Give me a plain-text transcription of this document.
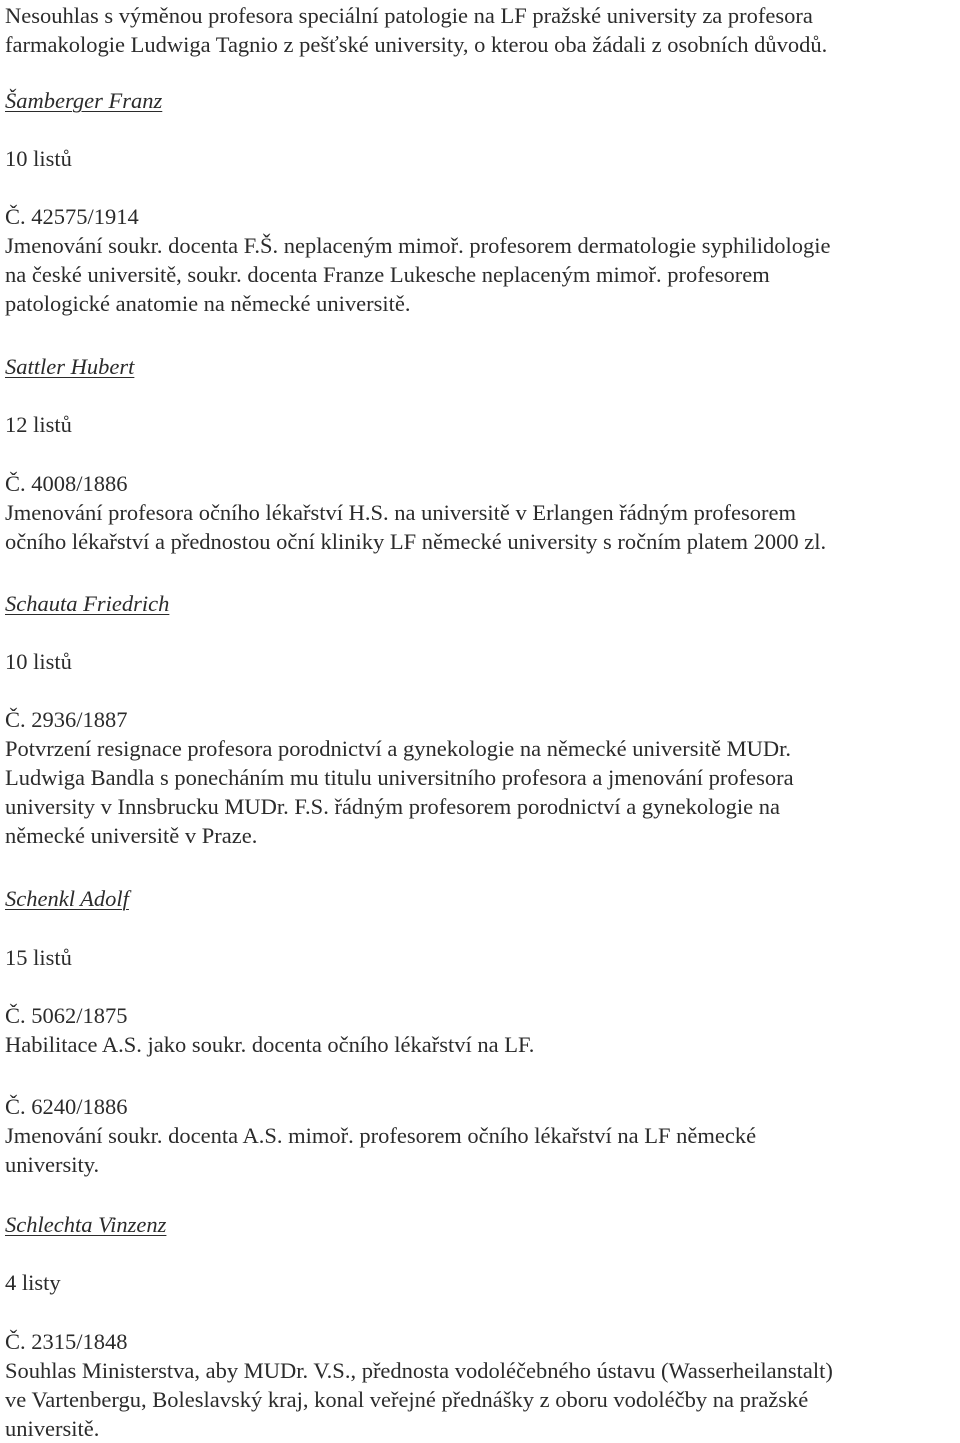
Nesouhlas s výměnou profesora speciální patologie na LF pražské university za profesora
farmakologie Ludwiga Tagnio z pešťské university, o kterou oba žádali z osobních důvodů.
Šamberger Franz
10 listů
Č. 42575/1914
Jmenování soukr. docenta F.Š. neplaceným mimoř. profesorem dermatologie syphilidologie
na české universitě, soukr. docenta Franze Lukesche neplaceným mimoř. profesorem
patologické anatomie na německé universitě.
Sattler Hubert
12 listů
Č. 4008/1886
Jmenování profesora očního lékařství H.S. na universitě v Erlangen řádným profesorem
očního lékařství a přednostou oční kliniky LF německé university s ročním platem 2000 zl.
Schauta Friedrich
10 listů
Č. 2936/1887
Potvrzení resignace profesora porodnictví a gynekologie na německé universitě MUDr.
Ludwiga Bandla s ponecháním mu titulu universitního profesora a jmenování profesora
university v Innsbrucku MUDr. F.S. řádným profesorem porodnictví a gynekologie na
německé universitě v Praze.
Schenkl Adolf
15 listů
Č. 5062/1875
Habilitace A.S. jako soukr. docenta očního lékařství na LF.
Č. 6240/1886
Jmenování soukr. docenta A.S. mimoř. profesorem očního lékařství na LF německé
university.
Schlechta Vinzenz
4 listy
Č. 2315/1848
Souhlas Ministerstva, aby MUDr. V.S., přednosta vodoléčebného ústavu (Wasserheilanstalt)
ve Vartenbergu, Boleslavský kraj, konal veřejné přednášky z oboru vodoléčby na pražské
universitě.
